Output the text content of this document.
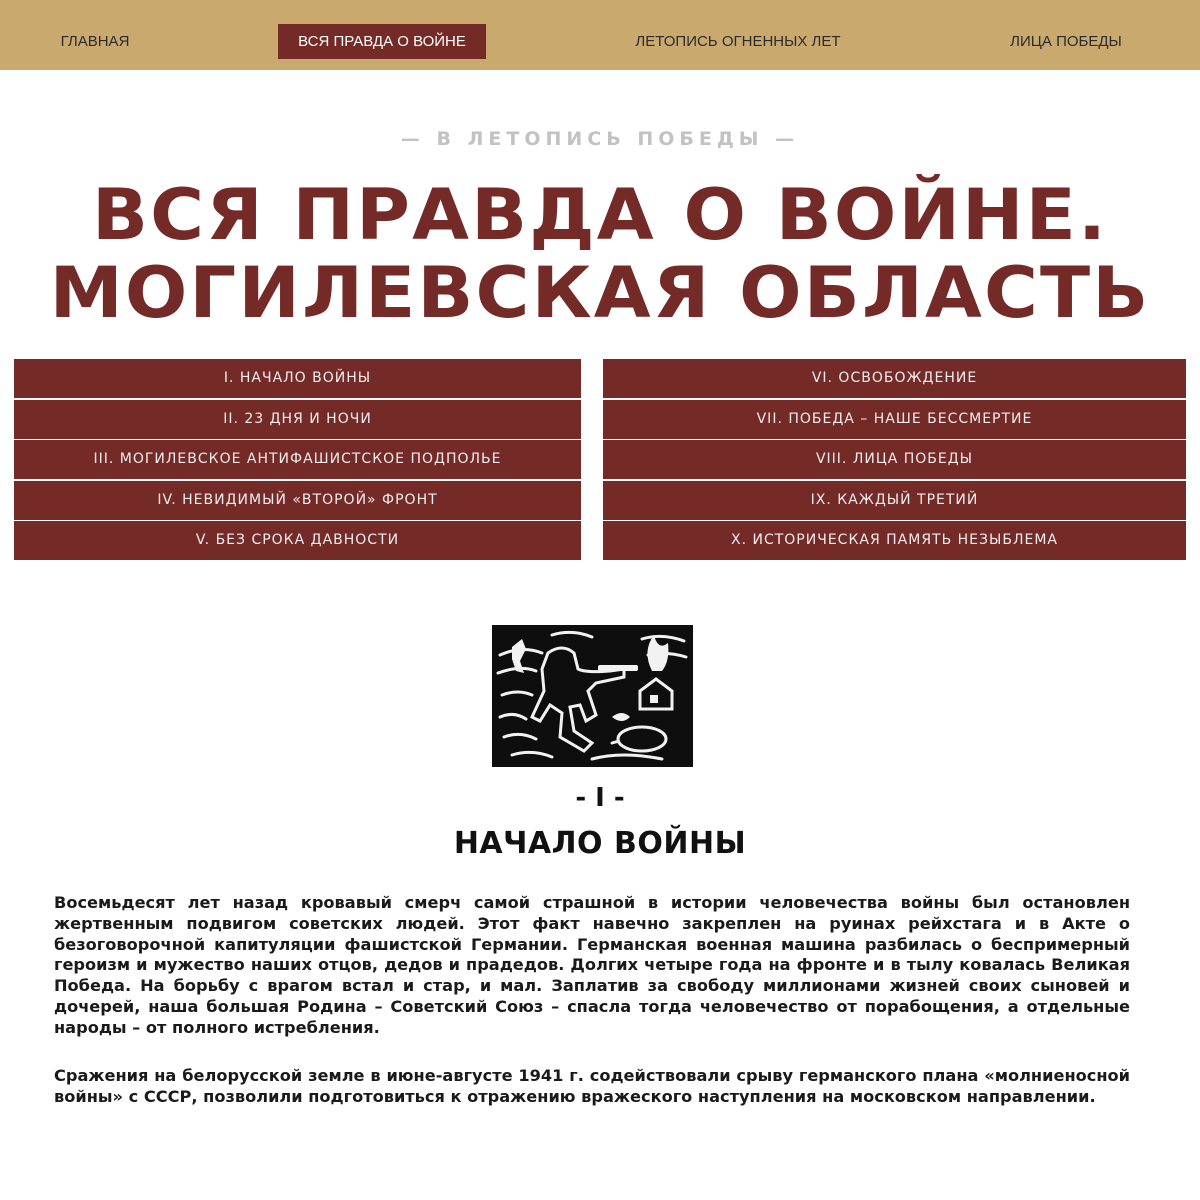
ГЛАВНАЯ	ВСЯ ПРАВДА О ВОЙНЕ	ЛЕТОПИСЬ ОГНЕННЫХ ЛЕТ	ЛИЦА ПОБЕДЫ
— В ЛЕТОПИСЬ ПОБЕДЫ —
ВСЯ ПРАВДА О ВОЙНЕ.
МОГИЛЕВСКАЯ ОБЛАСТЬ
I. НАЧАЛО ВОЙНЫ
II. 23 ДНЯ И НОЧИ
III. МОГИЛЕВСКОЕ АНТИФАШИСТСКОЕ ПОДПОЛЬЕ
IV. НЕВИДИМЫЙ «ВТОРОЙ» ФРОНТ
V. БЕЗ СРОКА ДАВНОСТИ
VI. ОСВОБОЖДЕНИЕ
VII. ПОБЕДА – НАШЕ БЕССМЕРТИЕ
VIII. ЛИЦА ПОБЕДЫ
IX. КАЖДЫЙ ТРЕТИЙ
X. ИСТОРИЧЕСКАЯ ПАМЯТЬ НЕЗЫБЛЕМА
- I -
НАЧАЛО ВОЙНЫ

Восемьдесят лет назад кровавый смерч самой страшной в истории человечества войны был остановлен жертвенным подвигом советских людей. Этот факт навечно закреплен на руинах рейхстага и в Акте о безоговорочной капитуляции фашистской Германии. Германская военная машина разбилась о беспримерный героизм и мужество наших отцов, дедов и прадедов. Долгих четыре года на фронте и в тылу ковалась Великая Победа. На борьбу с врагом встал и стар, и мал. Заплатив за свободу миллионами жизней своих сыновей и дочерей, наша большая Родина – Советский Союз – спасла тогда человечество от порабощения, а отдельные народы – от полного истребления.

Сражения на белорусской земле в июне-августе 1941 г. содействовали срыву германского плана «молниеносной войны» с СССР, позволили подготовиться к отражению вражеского наступления на московском направлении.
